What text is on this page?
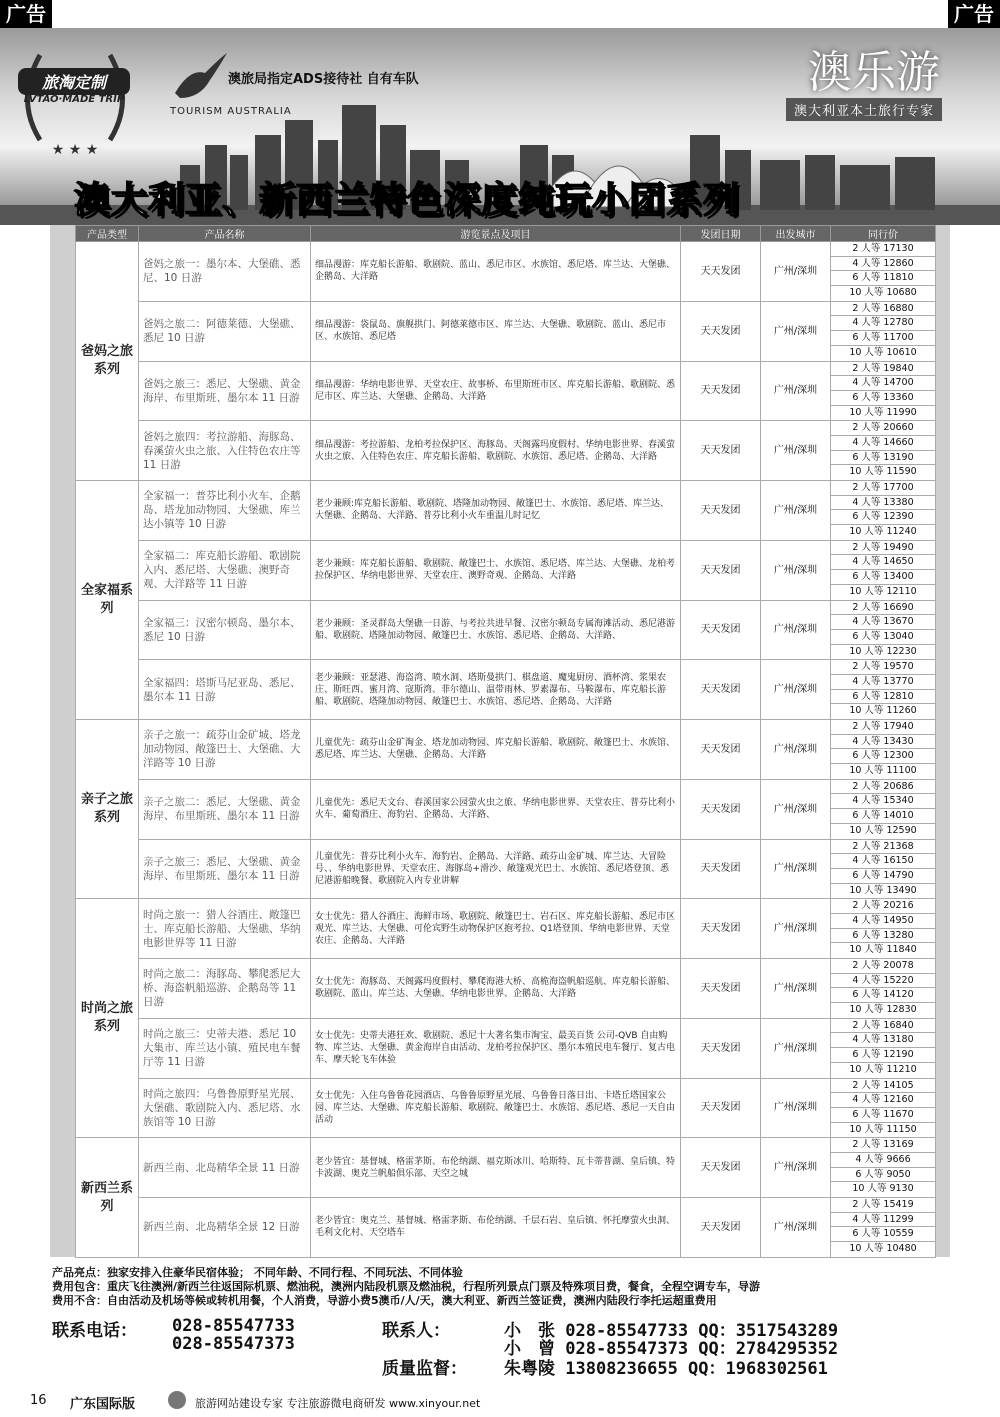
广告	广告
★ ★ ★
旅淘定制
LVTAO·MADE TRIP
TOURISM AUSTRALIA
澳旅局指定ADS接待社 自有车队	澳乐游
澳大利亚本土旅行专家
澳大利亚、新西兰特色深度纯玩小团系列
产品类型	产品名称	游览景点及项目	发团日期	出发城市	同行价
爸妈之旅系列	爸妈之旅一：墨尔本、大堡礁、悉尼、10 日游	细品漫游：库克船长游船、歌剧院、蓝山、悉尼市区、水族馆、悉尼塔、库兰达、大堡礁、企鹅岛、大洋路	天天发团	广州/深圳	2 人等 17130
4 人等 12860
6 人等 11810
10 人等 10680

	爸妈之旅二：阿德莱德、大堡礁、悉尼 10 日游	细品漫游：袋鼠岛、旗舰拱门、阿德莱德市区、库兰达、大堡礁、歌剧院、蓝山、悉尼市区、水族馆、悉尼塔	天天发团	广州/深圳	2 人等 16880
4 人等 12780
6 人等 11700
10 人等 10610

	爸妈之旅三：悉尼、大堡礁、黄金海岸、布里斯班、墨尔本 11 日游	细品漫游：华纳电影世界、天堂农庄、故事桥、布里斯班市区、库克船长游船、歌剧院、悉尼市区、库兰达、大堡礁、企鹅岛、大洋路	天天发团	广州/深圳	2 人等 19840
4 人等 14700
6 人等 13360
10 人等 11990

	爸妈之旅四：考拉游船、海豚岛、春溪萤火虫之旅、入住特色农庄等 11 日游	细品漫游：考拉游船、龙柏考拉保护区、海豚岛、天阁露玛度假村、华纳电影世界、春溪萤火虫之旅、入住特色农庄、库克船长游船、歌剧院、水族馆、悉尼塔、企鹅岛、大洋路	天天发团	广州/深圳	2 人等 20660
4 人等 14660
6 人等 13190
10 人等 11590

全家福系列	全家福一：普芬比利小火车、企鹅岛、塔龙加动物园、大堡礁、库兰达小镇等 10 日游	老少兼顾:库克船长游船、歌剧院、塔隆加动物园、敞篷巴士、水族馆、悉尼塔、库兰达、大堡礁、企鹅岛、大洋路、普芬比利小火车重温儿时记忆	天天发团	广州/深圳	2 人等 17700
4 人等 13380
6 人等 12390
10 人等 11240

	全家福二：库克船长游船、歌剧院入内、悉尼塔、大堡礁、澳野奇观、大洋路等 11 日游	老少兼顾：库克船长游船、歌剧院、敞篷巴士、水族馆、悉尼塔、库兰达、大堡礁、龙柏考拉保护区、华纳电影世界、天堂农庄、澳野奇观、企鹅岛、大洋路	天天发团	广州/深圳	2 人等 19490
4 人等 14650
6 人等 13400
10 人等 12110

	全家福三：汉密尔顿岛、墨尔本、悉尼 10 日游	老少兼顾：圣灵群岛大堡礁一日游、与考拉共进早餐、汉密尔顿岛专属海滩活动、悉尼港游船、歌剧院、塔隆加动物园、敞篷巴士、水族馆、悉尼塔、企鹅岛、大洋路、	天天发团	广州/深圳	2 人等 16690
4 人等 13670
6 人等 13040
10 人等 12230

	全家福四：塔斯马尼亚岛、悉尼、墨尔本 11 日游	老少兼顾：亚瑟港、海盗湾、喷水洞、塔斯曼拱门、棋盘道、魔鬼厨房、酒杯湾、浆果农庄、斯旺西、蜜月湾、寇斯湾、菲尔德山、温带雨林、罗素瀑布、马鞍瀑布、库克船长游船、歌剧院、塔隆加动物园、敞篷巴士、水族馆、悉尼塔、企鹅岛、大洋路	天天发团	广州/深圳	2 人等 19570
4 人等 13770
6 人等 12810
10 人等 11260

亲子之旅系列	亲子之旅一：疏芬山金矿城、塔龙加动物园、敞篷巴士、大堡礁、大洋路等 10 日游	儿童优先：疏芬山金矿淘金、塔龙加动物园、库克船长游船、歌剧院、敞篷巴士、水族馆、悉尼塔、库兰达、大堡礁、企鹅岛、大洋路	天天发团	广州/深圳	2 人等 17940
4 人等 13430
6 人等 12300
10 人等 11100

	亲子之旅二：悉尼、大堡礁、黄金海岸、布里斯班、墨尔本 11 日游	儿童优先：悉尼天文台、春溪国家公园萤火虫之旅、华纳电影世界、天堂农庄、普芬比利小火车、葡萄酒庄、海豹岩、企鹅岛、大洋路、	天天发团	广州/深圳	2 人等 20686
4 人等 15340
6 人等 14010
10 人等 12590

	亲子之旅三：悉尼、大堡礁、黄金海岸、布里斯班、墨尔本 11 日游	儿童优先：普芬比利小火车、海豹岩、企鹅岛、大洋路、疏芬山金矿城、库兰达、大冒险号、、华纳电影世界、天堂农庄、海豚岛+滑沙、敞篷观光巴士、水族馆、悉尼塔登顶、悉尼港游船晚餐、歌剧院入内专业讲解	天天发团	广州/深圳	2 人等 21368
4 人等 16150
6 人等 14790
10 人等 13490

时尚之旅系列	时尚之旅一：猎人谷酒庄、敞篷巴士、库克船长游船、大堡礁、华纳电影世界等 11 日游	女士优先：猎人谷酒庄、海鲜市场、歌剧院、敞篷巴士、岩石区、库克船长游船、悉尼市区观光、库兰达、大堡礁、可伦宾野生动物保护区抱考拉、Q1塔登顶、华纳电影世界、天堂农庄、企鹅岛、大洋路	天天发团	广州/深圳	2 人等 20216
4 人等 14950
6 人等 13280
10 人等 11840

	时尚之旅二：海豚岛、攀爬悉尼大桥、海盗帆船巡游、企鹅岛等 11 日游	女士优先：海豚岛、天阁露玛度假村、攀爬海港大桥、高桅海盗帆船巡航、库克船长游船、歌剧院、蓝山、库兰达、大堡礁、华纳电影世界、企鹅岛、大洋路	天天发团	广州/深圳	2 人等 20078
4 人等 15220
6 人等 14120
10 人等 12830

	时尚之旅三：史蒂夫港、悉尼 10 大集市、库兰达小镇、殖民电车餐厅等 11 日游	女士优先：史蒂夫港狂欢、歌剧院、悉尼十大著名集市淘宝、最美百货 公司-QVB 自由购物、库兰达、大堡礁、黄金海岸自由活动、龙柏考拉保护区、墨尔本殖民电车餐厅、复古电车、摩天轮飞车体验	天天发团	广州/深圳	2 人等 16840
4 人等 13180
6 人等 12190
10 人等 11210

	时尚之旅四：乌鲁鲁原野星光展、大堡礁、歌剧院入内、悉尼塔、水族馆等 10 日游	女士优先：入住乌鲁鲁花园酒店、乌鲁鲁原野星光展、乌鲁鲁日落日出、卡塔丘塔国家公园、库兰达、大堡礁、库克船长游船、歌剧院、敞篷巴士、水族馆、悉尼塔、悉尼一天自由活动	天天发团	广州/深圳	2 人等 14105
4 人等 12160
6 人等 11670
10 人等 11150

新西兰系列	新西兰南、北岛精华全景 11 日游	老少皆宜：基督城、格雷茅斯、布伦纳湖、福克斯冰川、哈斯特、瓦卡蒂普湖、皇后镇、特卡波湖、奥克兰帆船俱乐部、天空之城	天天发团	广州/深圳	2 人等 13169
4 人等 9666
6 人等 9050
10 人等 9130

	新西兰南、北岛精华全景 12 日游	老少皆宜：奥克兰、基督城、格雷茅斯、布伦纳湖、千层石岩、皇后镇、怀托摩萤火虫洞、毛利文化村、天空塔车	天天发团	广州/深圳	2 人等 15419
4 人等 11299
6 人等 10559
10 人等 10480
产品亮点：独家安排入住豪华民宿体验； 不同年龄、不同行程、不同玩法、不同体验
费用包含：重庆飞往澳洲/新西兰往返国际机票、燃油税，澳洲内陆段机票及燃油税，行程所列景点门票及特殊项目费，餐食，全程空调专车，导游
费用不含：自由活动及机场等候或转机用餐，个人消费，导游小费5澳币/人/天，澳大利亚、新西兰签证费，澳洲内陆段行李托运超重费用
联系电话： 028-85547733
028-85547373
联系人：	小　张 028-85547733 QQ：3517543289
小　曾 028-85547373 QQ：2784295352
质量监督： 朱粤陵 13808236655 QQ：1968302561
16 广东国际版	旅游网站建设专家 专注旅游微电商研发 www.xinyour.net
